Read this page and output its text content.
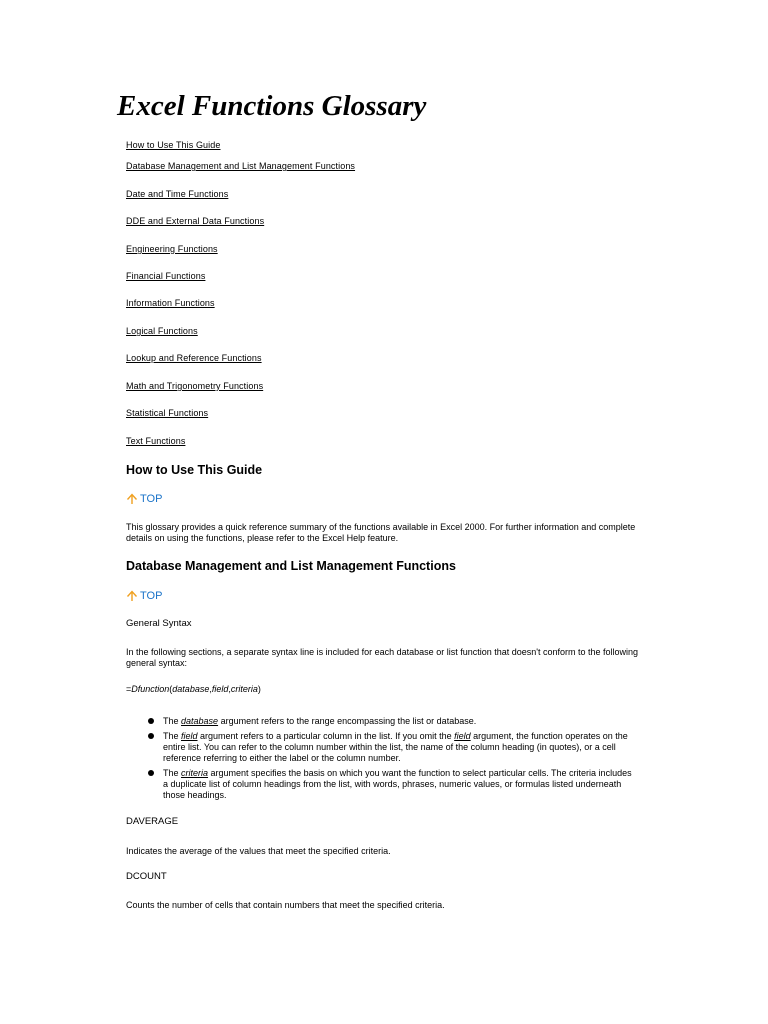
Excel Functions Glossary
How to Use This Guide
Database Management and List Management Functions
Date and Time Functions
DDE and External Data Functions
Engineering Functions
Financial Functions
Information Functions
Logical Functions
Lookup and Reference Functions
Math and Trigonometry Functions
Statistical Functions
Text Functions
How to Use This Guide
TOP

This glossary provides a quick reference summary of the functions available in Excel 2000. For further information and complete details on using the functions, please refer to the Excel Help feature.

Database Management and List Management Functions
TOP

General Syntax

In the following sections, a separate syntax line is included for each database or list function that doesn't conform to the following general syntax:

=Dfunction(database,field,criteria)

The database argument refers to the range encompassing the list or database.
The field argument refers to a particular column in the list. If you omit the field argument, the function operates on the entire list. You can refer to the column number within the list, the name of the column heading (in quotes), or a cell reference referring to either the label or the column number.
The criteria argument specifies the basis on which you want the function to select particular cells. The criteria includes a duplicate list of column headings from the list, with words, phrases, numeric values, or formulas listed underneath those headings.

DAVERAGE

Indicates the average of the values that meet the specified criteria.

DCOUNT

Counts the number of cells that contain numbers that meet the specified criteria.
